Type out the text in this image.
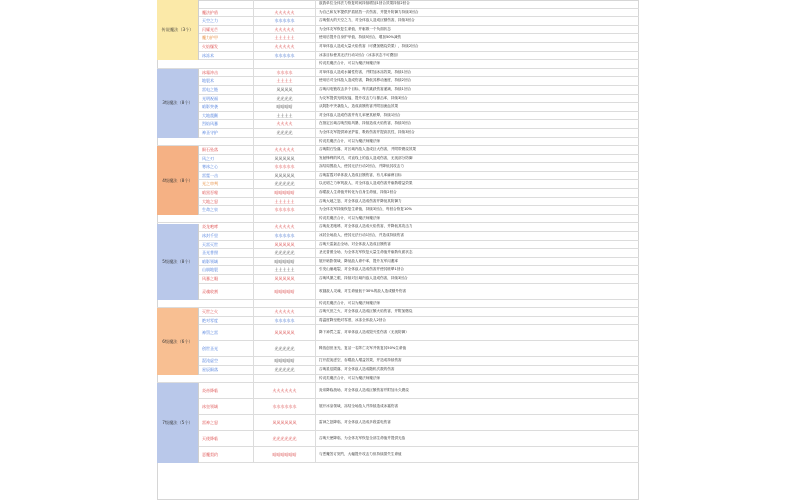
敌我单位全体法力恢复时间持续增加1回合效果持续2回合
魔法护盾	火火火火火	为自己和友军提供护盾抵挡一次伤害，并提升防御力持续3回合
天空之力	水水水水水	召唤强大的天空之力，对全体敌人造成巨额伤害，持续3回合
闪耀光芒	火火火火火	为全体友军恢复生命值，并驱散一个负面状态
魔力护甲	土土土土土	使用后提升自身护甲值，持续5回合，增加50%减伤
火焰爆发	火火火火火	对单体敌人造成大量火焰伤害（可叠加燃烧效果），持续2回合
冰冻术	水水水水水	冰冻目标使其无法行动1回合（冰冻状态不可叠加）
传说魔法（3个）
传说类魔法合计，可以为魔法师魔法师
冰霜冲击	水水水水	对单体敌人造成水属性伤害，并附加冰冻效果，持续1回合
地裂术	土土土土	使用后对全体敌人造成伤害，降低其移动速度，持续2回合
雷电之链	风风风风	召唤闪电链攻击多个目标，每次跳跃伤害递减，持续1回合
光明祝福	光光光光	为友军提供光明祝福，提升攻击力与暴击率，持续3回合
暗影突袭	暗暗暗暗	从阴影中突袭敌人，造成高额伤害并附加流血效果
大地震颤	土土土土	对全体敌人造成伤害并有几率使其眩晕，持续1回合
烈焰风暴	火火火火	在指定区域召唤烈焰风暴，持续造成火焰伤害，持续3回合
神圣守护	光光光光	为全体友军提供神圣护盾，吸收伤害并提高抗性，持续3回合
3级魔法（8个）
传说类魔法合计，可以为魔法师魔法师
陨石坠落	火火火火火	召唤陨石坠落，对区域内敌人造成巨大伤害，并附带燃烧效果
风之刃	风风风风风	发射锋利的风刃，对直线上的敌人造成伤害，无视部分防御
寒冰之心	水水水水水	冻结周围敌人，使其无法行动2回合，并降低其攻击力
雷霆一击	风风风风风	召唤雷霆对单体敌人造成巨额伤害，有几率麻痹目标
光之审判	光光光光光	以光明之力审判敌人，对全体敌人造成伤害并驱散增益效果
暗黑吞噬	暗暗暗暗暗	吞噬敌人生命值并转化为自身生命值，持续2回合
大地之怒	土土土土土	召唤大地之怒，对全体敌人造成伤害并降低其防御力
生命之泉	水水水水水	为全体友军持续恢复生命值，持续3回合，每回合恢复10%
4级魔法（8个）
传说类魔法合计，可以为魔法师魔法师
炎龙咆哮	火火火火火	召唤炎龙咆哮，对全体敌人造成火焰伤害，并降低其攻击力
冰封千里	水水水水水	冰封全场敌人，使其无法行动1回合，并造成持续伤害
天雷灭世	风风风风风	召唤天雷轰击全场，对全体敌人造成巨额伤害
圣光普照	光光光光光	圣光普照全场，为全体友军恢复大量生命值并驱散负面状态
暗影领域	暗暗暗暗暗	展开暗影领域，降低敌人命中率，提升友军闪避率
山崩地裂	土土土土土	引发山崩地裂，对全体敌人造成伤害并使其眩晕1回合
风暴之眼	风风风风风	召唤风暴之眼，持续对区域内敌人造成伤害，持续3回合
灵魂收割	暗暗暗暗暗	收割敌人灵魂，对生命值低于30%的敌人造成额外伤害
5级魔法（8个）
传说类魔法合计，可以为魔法师魔法师
灭世之火	火火火火火	召唤灭世之火，对全体敌人造成巨额火焰伤害，并附加燃烧
绝对零度	水水水水水	将温度降至绝对零度，冰冻全体敌人2回合
神罚之雷	风风风风风	降下神罚之雷，对单体敌人造成毁灭性伤害（无视防御）
创世圣光	光光光光光	释放创世圣光，复活一名阵亡友军并恢复其50%生命值
混沌虚空	暗暗暗暗暗	打开混沌虚空，吞噬敌人增益效果，并造成持续伤害
星辰陨落	光光光光光	召唤星辰陨落，对全体敌人造成随机次数的伤害
6级魔法（6个）
传说类魔法合计，可以为魔法师魔法师
炎帝降临	火火火火火火	炎帝降临战场，对全体敌人造成巨额伤害并附加永久燃烧
冰皇领域	水水水水水水	展开冰皇领域，冻结全场敌人并持续造成冰霜伤害
雷神之怒	风风风风风风	雷神之怒降临，对全体敌人造成多段雷电伤害
天使降临	光光光光光光	召唤天使降临，为全体友军恢复全部生命值并提供无敌
恶魔契约	暗暗暗暗暗暗	与恶魔签订契约，大幅提升攻击力但持续损失生命值
7级魔法（5个）
